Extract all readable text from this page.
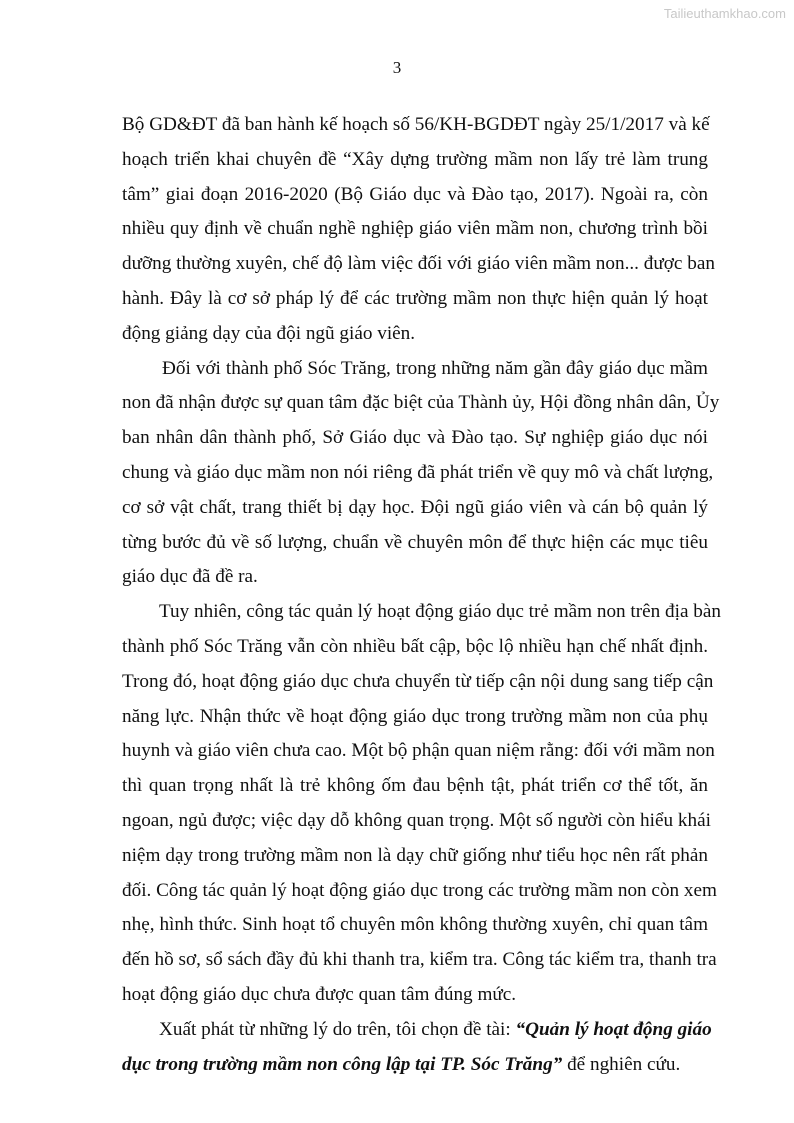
Tailieuthamkhao.com
3
Bộ GD&ĐT đã ban hành kế hoạch số 56/KH-BGDĐT ngày 25/1/2017 và kế
hoạch triển khai chuyên đề “Xây dựng trường mầm non lấy trẻ làm trung
tâm” giai đoạn 2016-2020 (Bộ Giáo dục và Đào tạo, 2017). Ngoài ra, còn
nhiều quy định về chuẩn nghề nghiệp giáo viên mầm non, chương trình bồi
dưỡng thường xuyên, chế độ làm việc đối với giáo viên mầm non... được ban
hành. Đây là cơ sở pháp lý để các trường mầm non thực hiện quản lý hoạt
động giảng dạy của đội ngũ giáo viên.
Đối với thành phố Sóc Trăng, trong những năm gần đây giáo dục mầm
non đã nhận được sự quan tâm đặc biệt của Thành ủy, Hội đồng nhân dân, Ủy
ban nhân dân thành phố, Sở Giáo dục và Đào tạo. Sự nghiệp giáo dục nói
chung và giáo dục mầm non nói riêng đã phát triển về quy mô và chất lượng,
cơ sở vật chất, trang thiết bị dạy học. Đội ngũ giáo viên và cán bộ quản lý
từng bước đủ về số lượng, chuẩn về chuyên môn để thực hiện các mục tiêu
giáo dục đã đề ra.
Tuy nhiên, công tác quản lý hoạt động giáo dục trẻ mầm non trên địa bàn
thành phố Sóc Trăng vẫn còn nhiều bất cập, bộc lộ nhiều hạn chế nhất định.
Trong đó, hoạt động giáo dục chưa chuyển từ tiếp cận nội dung sang tiếp cận
năng lực. Nhận thức về hoạt động giáo dục trong trường mầm non của phụ
huynh và giáo viên chưa cao. Một bộ phận quan niệm rằng: đối với mầm non
thì quan trọng nhất là trẻ không ốm đau bệnh tật, phát triển cơ thể tốt, ăn
ngoan, ngủ được; việc dạy dỗ không quan trọng. Một số người còn hiểu khái
niệm dạy trong trường mầm non là dạy chữ giống như tiểu học nên rất phản
đối. Công tác quản lý hoạt động giáo dục trong các trường mầm non còn xem
nhẹ, hình thức. Sinh hoạt tổ chuyên môn không thường xuyên, chỉ quan tâm
đến hồ sơ, sổ sách đầy đủ khi thanh tra, kiểm tra. Công tác kiểm tra, thanh tra
hoạt động giáo dục chưa được quan tâm đúng mức.
Xuất phát từ những lý do trên, tôi chọn đề tài: “Quản lý hoạt động giáo
dục trong trường mầm non công lập tại TP. Sóc Trăng” để nghiên cứu.
